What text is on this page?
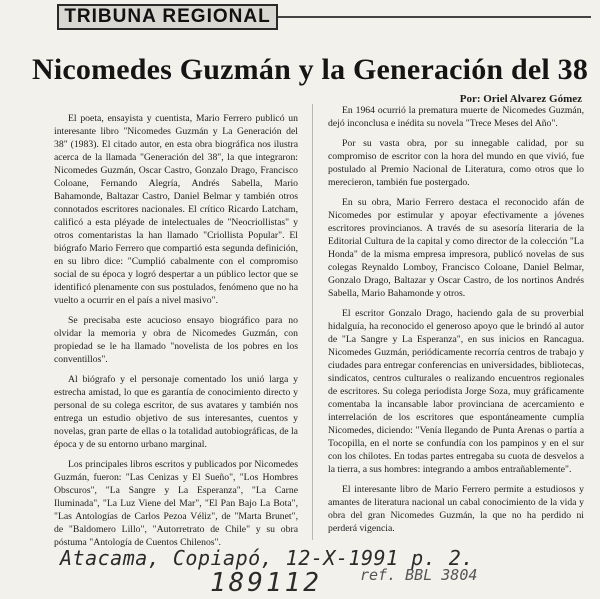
TRIBUNA REGIONAL
Nicomedes Guzmán y la Generación del 38
Por: Oriel Alvarez Gómez

El poeta, ensayista y cuentista, Mario Ferrero publicó un interesante libro "Nicomedes Guzmán y La Generación del 38" (1983). El citado autor, en esta obra biográfica nos ilustra acerca de la llamada "Generación del 38", la que integraron: Nicomedes Guzmán, Oscar Castro, Gonzalo Drago, Francisco Coloane, Fernando Alegría, Andrés Sabella, Mario Bahamonde, Baltazar Castro, Daniel Belmar y también otros connotados escritores nacionales. El crítico Ricardo Latcham, calificó a esta pléyade de intelectuales de "Neocriollistas" y otros comentaristas la han llamado "Criollista Popular". El biógrafo Mario Ferrero que compartió esta segunda definición, en su libro dice: "Cumplió cabalmente con el compromiso social de su época y logró despertar a un público lector que se identificó plenamente con sus postulados, fenómeno que no ha vuelto a ocurrir en el país a nivel masivo".

Se precisaba este acucioso ensayo biográfico para no olvidar la memoria y obra de Nicomedes Guzmán, con propiedad se le ha llamado "novelista de los pobres en los conventillos".

Al biógrafo y el personaje comentado los unió larga y estrecha amistad, lo que es garantía de conocimiento directo y personal de su colega escritor, de sus avatares y también nos entrega un estudio objetivo de sus interesantes, cuentos y novelas, gran parte de ellas o la totalidad autobiográficas, de la época y de su entorno urbano marginal.

Los principales libros escritos y publicados por Nicomedes Guzmán, fueron: "Las Cenizas y El Sueño", "Los Hombres Obscuros", "La Sangre y La Esperanza", "La Carne Iluminada", "La Luz Viene del Mar", "El Pan Bajo La Bota", "Las Antologías de Carlos Pezoa Véliz", de "Marta Brunet", de "Baldomero Lillo", "Autorretrato de Chile" y su obra póstuma "Antología de Cuentos Chilenos".

En 1964 ocurrió la prematura muerte de Nicomedes Guzmán, dejó inconclusa e inédita su novela "Trece Meses del Año".

Por su vasta obra, por su innegable calidad, por su compromiso de escritor con la hora del mundo en que vivió, fue postulado al Premio Nacional de Literatura, como otros que lo merecieron, también fue postergado.

En su obra, Mario Ferrero destaca el reconocido afán de Nicomedes por estimular y apoyar efectivamente a jóvenes escritores provincianos. A través de su asesoría literaria de la Editorial Cultura de la capital y como director de la colección "La Honda" de la misma empresa impresora, publicó novelas de sus colegas Reynaldo Lomboy, Francisco Coloane, Daniel Belmar, Gonzalo Drago, Baltazar y Oscar Castro, de los nortinos Andrés Sabella, Mario Bahamonde y otros.

El escritor Gonzalo Drago, haciendo gala de su proverbial hidalguía, ha reconocido el generoso apoyo que le brindó al autor de "La Sangre y La Esperanza", en sus inicios en Rancagua. Nicomedes Guzmán, periódicamente recorría centros de trabajo y ciudades para entregar conferencias en universidades, bibliotecas, sindicatos, centros culturales o realizando encuentros regionales de escritores. Su colega periodista Jorge Soza, muy gráficamente comentaba la incansable labor provinciana de acercamiento e interrelación de los escritores que espontáneamente cumplía Nicomedes, diciendo: "Venía llegando de Punta Arenas o partía a Tocopilla, en el norte se confundía con los pampinos y en el sur con los chilotes. En todas partes entregaba su cuota de desvelos a la tierra, a sus hombres: integrando a ambos entrañablemente".

El interesante libro de Mario Ferrero permite a estudiosos y amantes de literatura nacional un cabal conocimiento de la vida y obra del gran Nicomedes Guzmán, la que no ha perdido ni perderá vigencia.

Atacama, Copiapó, 12-X-1991 p. 2.
189112	ref. BBL 3804
